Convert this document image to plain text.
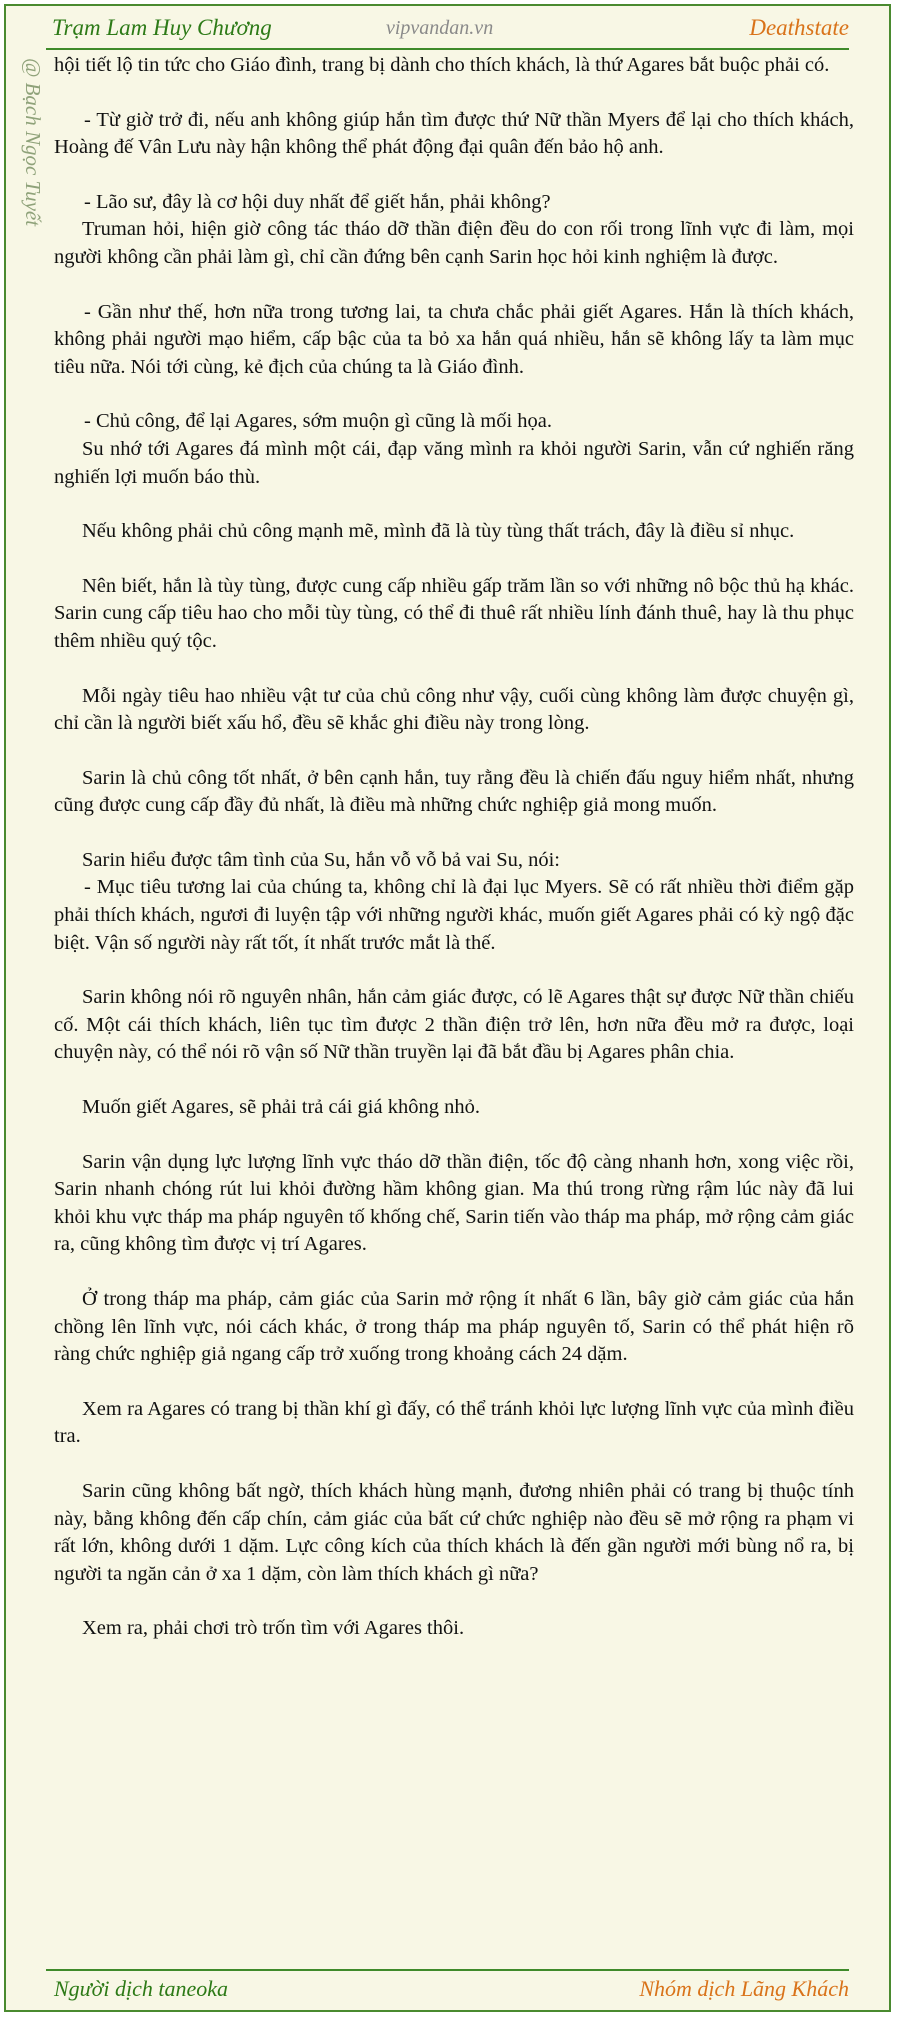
Trạm Lam Huy Chương	vipvandan.vn	Deathstate
@ Bạch Ngọc Tuyết hội tiết lộ tin tức cho Giáo đình, trang bị dành cho thích khách, là thứ Agares bắt buộc phải có.

- Từ giờ trở đi, nếu anh không giúp hắn tìm được thứ Nữ thần Myers để lại cho thích khách, Hoàng đế Vân Lưu này hận không thể phát động đại quân đến bảo hộ anh.

- Lão sư, đây là cơ hội duy nhất để giết hắn, phải không?

Truman hỏi, hiện giờ công tác tháo dỡ thần điện đều do con rối trong lĩnh vực đi làm, mọi người không cần phải làm gì, chỉ cần đứng bên cạnh Sarin học hỏi kinh nghiệm là được.

- Gần như thế, hơn nữa trong tương lai, ta chưa chắc phải giết Agares. Hắn là thích khách, không phải người mạo hiểm, cấp bậc của ta bỏ xa hắn quá nhiều, hắn sẽ không lấy ta làm mục tiêu nữa. Nói tới cùng, kẻ địch của chúng ta là Giáo đình.

- Chủ công, để lại Agares, sớm muộn gì cũng là mối họa.

Su nhớ tới Agares đá mình một cái, đạp văng mình ra khỏi người Sarin, vẫn cứ nghiến răng nghiến lợi muốn báo thù.

Nếu không phải chủ công mạnh mẽ, mình đã là tùy tùng thất trách, đây là điều sỉ nhục.

Nên biết, hắn là tùy tùng, được cung cấp nhiều gấp trăm lần so với những nô bộc thủ hạ khác. Sarin cung cấp tiêu hao cho mỗi tùy tùng, có thể đi thuê rất nhiều lính đánh thuê, hay là thu phục thêm nhiều quý tộc.

Mỗi ngày tiêu hao nhiều vật tư của chủ công như vậy, cuối cùng không làm được chuyện gì, chỉ cần là người biết xấu hổ, đều sẽ khắc ghi điều này trong lòng.

Sarin là chủ công tốt nhất, ở bên cạnh hắn, tuy rằng đều là chiến đấu nguy hiểm nhất, nhưng cũng được cung cấp đầy đủ nhất, là điều mà những chức nghiệp giả mong muốn.

Sarin hiểu được tâm tình của Su, hắn vỗ vỗ bả vai Su, nói:

- Mục tiêu tương lai của chúng ta, không chỉ là đại lục Myers. Sẽ có rất nhiều thời điểm gặp phải thích khách, ngươi đi luyện tập với những người khác, muốn giết Agares phải có kỳ ngộ đặc biệt. Vận số người này rất tốt, ít nhất trước mắt là thế.

Sarin không nói rõ nguyên nhân, hắn cảm giác được, có lẽ Agares thật sự được Nữ thần chiếu cố. Một cái thích khách, liên tục tìm được 2 thần điện trở lên, hơn nữa đều mở ra được, loại chuyện này, có thể nói rõ vận số Nữ thần truyền lại đã bắt đầu bị Agares phân chia.

Muốn giết Agares, sẽ phải trả cái giá không nhỏ.

Sarin vận dụng lực lượng lĩnh vực tháo dỡ thần điện, tốc độ càng nhanh hơn, xong việc rồi, Sarin nhanh chóng rút lui khỏi đường hầm không gian. Ma thú trong rừng rậm lúc này đã lui khỏi khu vực tháp ma pháp nguyên tố khống chế, Sarin tiến vào tháp ma pháp, mở rộng cảm giác ra, cũng không tìm được vị trí Agares.

Ở trong tháp ma pháp, cảm giác của Sarin mở rộng ít nhất 6 lần, bây giờ cảm giác của hắn chồng lên lĩnh vực, nói cách khác, ở trong tháp ma pháp nguyên tố, Sarin có thể phát hiện rõ ràng chức nghiệp giả ngang cấp trở xuống trong khoảng cách 24 dặm.

Xem ra Agares có trang bị thần khí gì đấy, có thể tránh khỏi lực lượng lĩnh vực của mình điều tra.

Sarin cũng không bất ngờ, thích khách hùng mạnh, đương nhiên phải có trang bị thuộc tính này, bằng không đến cấp chín, cảm giác của bất cứ chức nghiệp nào đều sẽ mở rộng ra phạm vi rất lớn, không dưới 1 dặm. Lực công kích của thích khách là đến gần người mới bùng nổ ra, bị người ta ngăn cản ở xa 1 dặm, còn làm thích khách gì nữa?

Xem ra, phải chơi trò trốn tìm với Agares thôi.

Người dịch taneoka	Nhóm dịch Lãng Khách
